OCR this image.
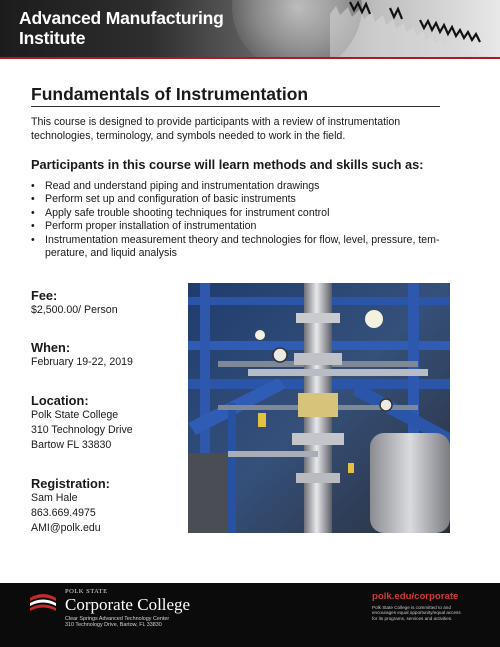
Advanced Manufacturing
Institute
Fundamentals of Instrumentation

This course is designed to provide participants with a review of instrumentation technologies, terminology, and symbols needed to work in the field.

Participants in this course will learn methods and skills such as:
• Read and understand piping and instrumentation drawings
• Perform set up and configuration of basic instruments
• Apply safe trouble shooting techniques for instrument control
• Perform proper installation of instrumentation
• Instrumentation measurement theory and technologies for flow, level, pressure, tem-perature, and liquid analysis
Fee:
$2,500.00/ Person
When:
February 19-22, 2019
Location:
Polk State College
310 Technology Drive
Bartow FL 33830
Registration:
Sam Hale
863.669.4975
AMI@polk.edu
POLK STATE
Corporate College
Clear Springs Advanced Technology Center
310 Technology Drive, Bartow, FL 33830
polk.edu/corporate
Polk State College is committed to and
encourages equal opportunity/equal access
for its programs, services and activities.
